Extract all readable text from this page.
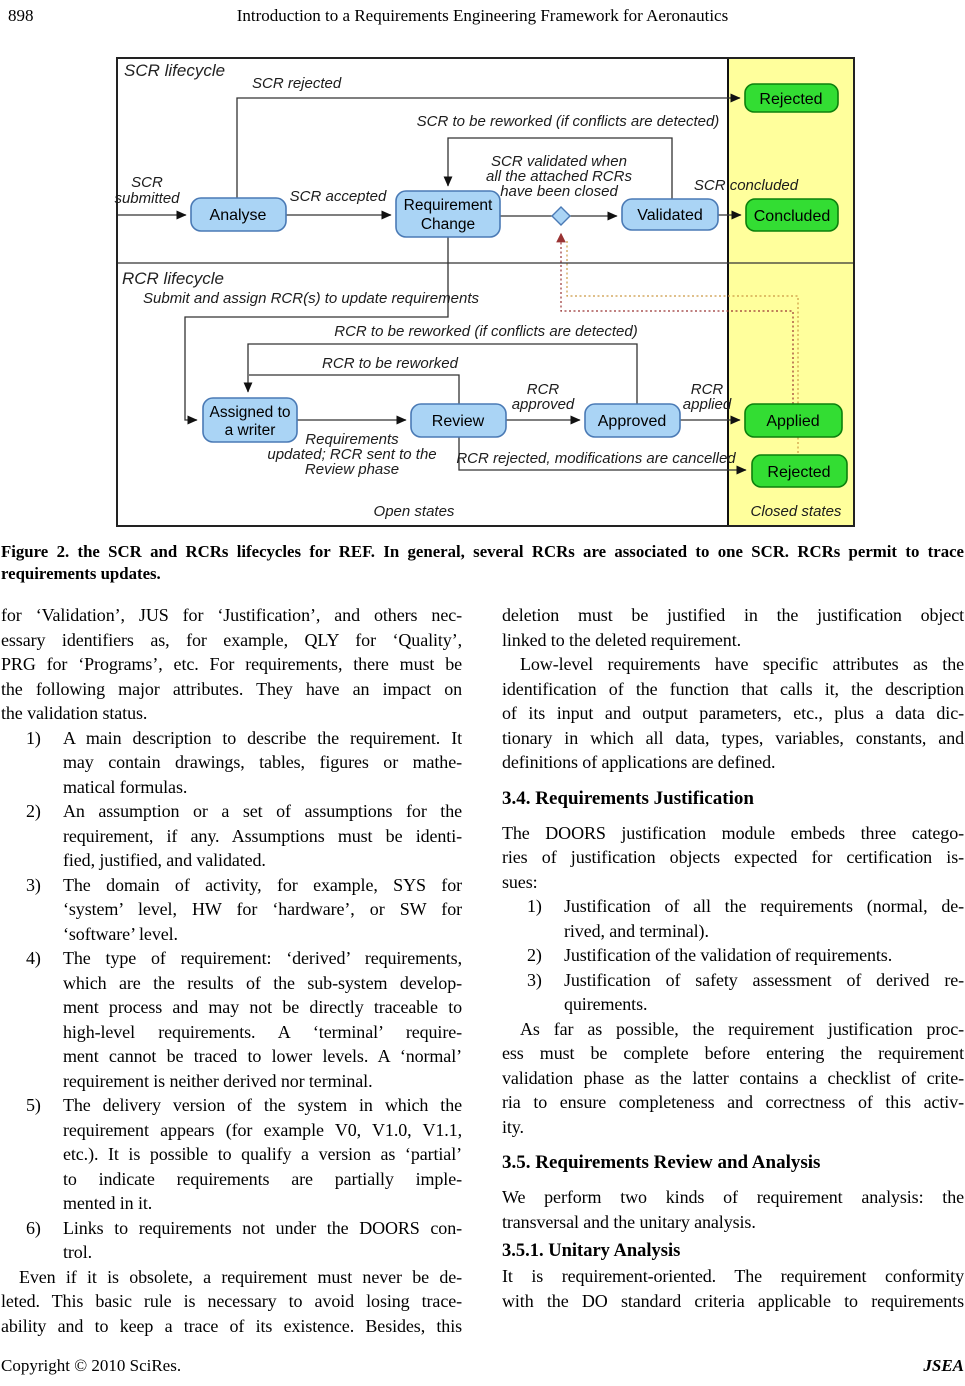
898	Introduction to a Requirements Engineering Framework for Aeronautics
Analyse
Requirement
Change
Validated
Rejected
Concluded
Assigned to
a writer
Review	Approved	Applied
Rejected
SCR lifecycle
RCR lifecycle
SCR
submitted
SCR rejected
SCR accepted
SCR to be reworked (if conflicts are detected)
SCR validated when
all the attached RCRs
have been closed	SCR concluded
Submit and assign RCR(s) to update requirements
RCR to be reworked (if conflicts are detected)
RCR to be reworked
RCR
approved
RCR
applied
Requirements
updated; RCR sent to the
Review phase
RCR rejected, modifications are cancelled
Open states	Closed states
Figure 2. the SCR and RCRs lifecycles for REF. In general, several RCRs are associated to one SCR. RCRs permit to trace
requirements updates.
for ‘Validation’, JUS for ‘Justification’, and others nec-
essary identifiers as, for example, QLY for ‘Quality’,
PRG for ‘Programs’, etc. For requirements, there must be
the following major attributes. They have an impact on
the validation status.
1) A main description to describe the requirement. It
may contain drawings, tables, figures or mathe-
matical formulas.
2) An assumption or a set of assumptions for the
requirement, if any. Assumptions must be identi-
fied, justified, and validated.
3) The domain of activity, for example, SYS for
‘system’ level, HW for ‘hardware’, or SW for
‘software’ level.
4) The type of requirement: ‘derived’ requirements,
which are the results of the sub-system develop-
ment process and may not be directly traceable to
high-level requirements. A ‘terminal’ require-
ment cannot be traced to lower levels. A ‘normal’
requirement is neither derived nor terminal.
5) The delivery version of the system in which the
requirement appears (for example V0, V1.0, V1.1,
etc.). It is possible to qualify a version as ‘partial’
to indicate requirements are partially imple-
mented in it.
6) Links to requirements not under the DOORS con-
trol.
Even if it is obsolete, a requirement must never be de-
leted. This basic rule is necessary to avoid losing trace-
ability and to keep a trace of its existence. Besides, this
deletion must be justified in the justification object
linked to the deleted requirement.
Low-level requirements have specific attributes as the
identification of the function that calls it, the description
of its input and output parameters, etc., plus a data dic-
tionary in which all data, types, variables, constants, and
definitions of applications are defined.
3.4. Requirements Justification
The DOORS justification module embeds three catego-
ries of justification objects expected for certification is-
sues:
1) Justification of all the requirements (normal, de-
rived, and terminal).
2) Justification of the validation of requirements.
3) Justification of safety assessment of derived re-
quirements.
As far as possible, the requirement justification proc-
ess must be complete before entering the requirement
validation phase as the latter contains a checklist of crite-
ria to ensure completeness and correctness of this activ-
ity.
3.5. Requirements Review and Analysis
We perform two kinds of requirement analysis: the
transversal and the unitary analysis.
3.5.1. Unitary Analysis
It is requirement-oriented. The requirement conformity
with the DO standard criteria applicable to requirements
Copyright © 2010 SciRes.	JSEA
